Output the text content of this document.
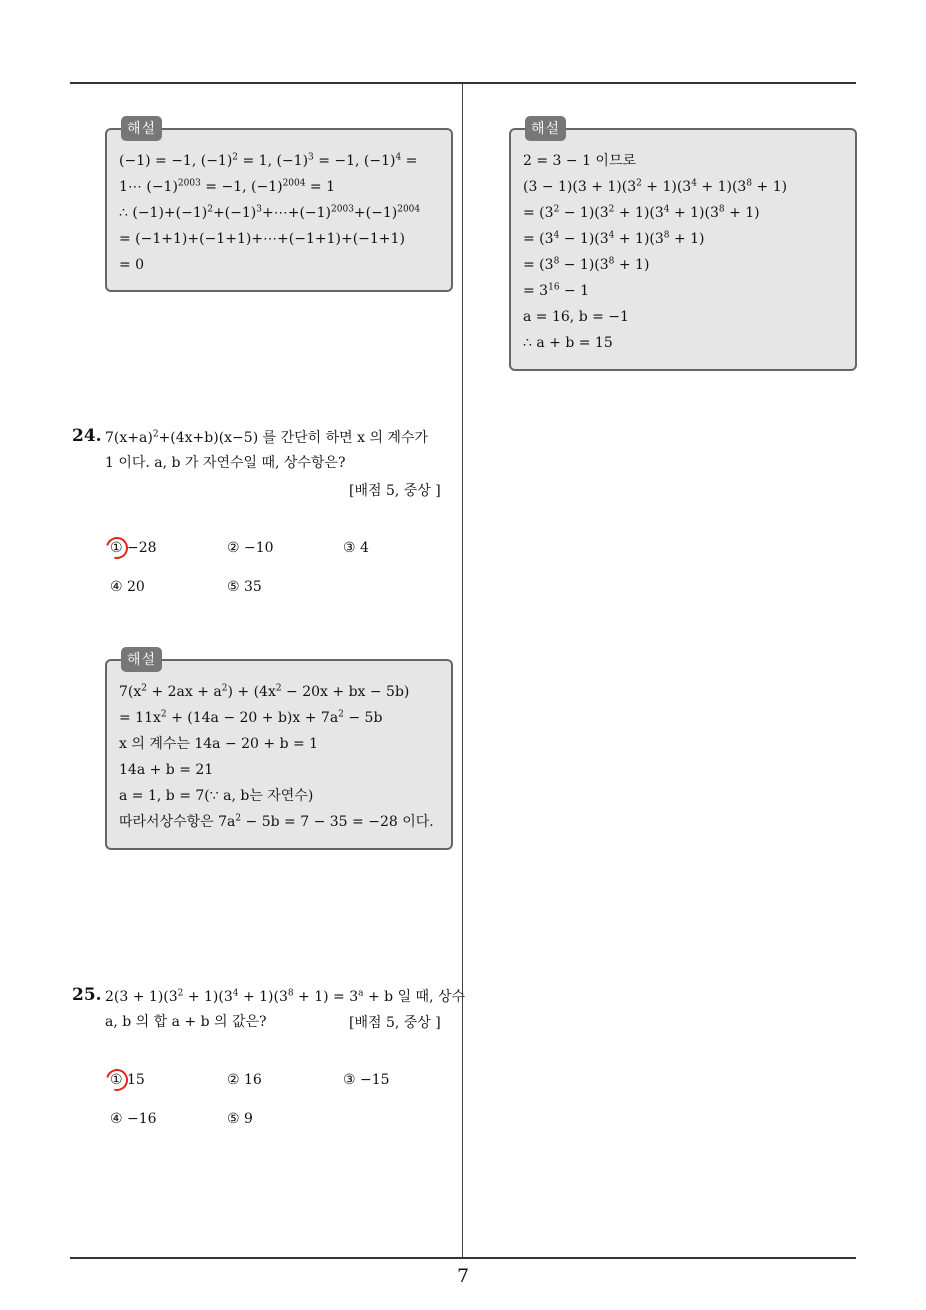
해설
(−1) = −1, $(-1)^2 = 1$, $(-1)^3 = -1$, $(-1)^4$ =
1⋯ $(-1)^{2003} = -1$, $(-1)^{2004} = 1$
∴ $(-1)+(-1)^2+(-1)^3+\cdots+(-1)^{2003}+(-1)^{2004}$
= (−1+1)+(−1+1)+⋯+(−1+1)+(−1+1)
= 0
24. $7(x+a)^2+(4x+b)(x-5)$ 를 간단히 하면 x 의 계수가
1 이다. a, b 가 자연수일 때, 상수항은?
[배점 5, 중상 ]
① −28	② −10	③ 4
④ 20	⑤ 35
해설
$7(x^2 + 2ax + a^2) + (4x^2 - 20x$ + bx − 5b)
= $11x^2 + (14a - 20 + b)x + 7a^2 - 5b$
x 의 계수는 14a − 20 + b = 1
14a + b = 21
a = 1, b = 7(∵ a, b는 자연수)
따라서상수항은 $7a^2 - 5b = 7 - 35 = -28$ 이다.
25. $2(3 + 1)(3^2 + 1)(3^4 + 1)(3^8 + 1) = 3^a + b$ 일 때, 상수
a, b 의 합 a + b 의 값은?	[배점 5, 중상 ]
① 15	② 16	③ −15
④ −16	⑤ 9
해설
2 = 3 − 1 이므로
$(3 - 1)(3 + 1)(3^2 + 1)(3^4 + 1)(3^8 + 1)$
= $(3^2 - 1)(3^2 + 1)(3^4 + 1)(3^8 + 1)$
= $(3^4 - 1)(3^4 + 1)(3^8 + 1)$
= $(3^8 - 1)(3^8 + 1)$
= $3^{16} - 1$
a = 16, b = −1
∴ a + b = 15
7
